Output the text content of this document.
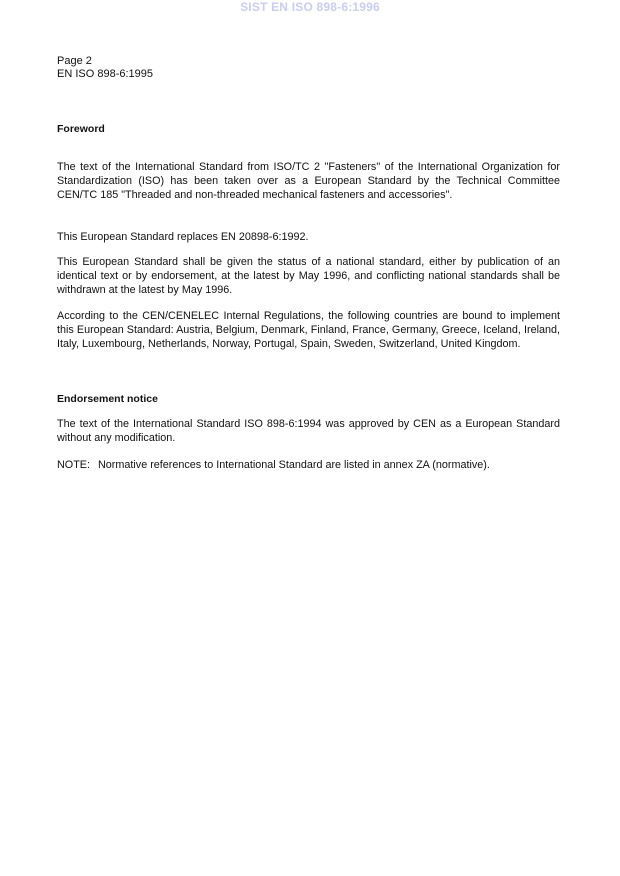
SIST EN ISO 898-6:1996
Page 2
EN ISO 898-6:1995
Foreword
The text of the International Standard from ISO/TC 2 "Fasteners" of the International Organization for Standardization (ISO) has been taken over as a European Standard by the Technical Committee CEN/TC 185 "Threaded and non-threaded mechanical fasteners and accessories".
This European Standard replaces EN 20898-6:1992.
This European Standard shall be given the status of a national standard, either by publication of an identical text or by endorsement, at the latest by May 1996, and conflicting national standards shall be withdrawn at the latest by May 1996.
According to the CEN/CENELEC Internal Regulations, the following countries are bound to implement this European Standard: Austria, Belgium, Denmark, Finland, France, Germany, Greece, Iceland, Ireland, Italy, Luxembourg, Netherlands, Norway, Portugal, Spain, Sweden, Switzerland, United Kingdom.
Endorsement notice
The text of the International Standard ISO 898-6:1994 was approved by CEN as a European Standard without any modification.
NOTE: Normative references to International Standard are listed in annex ZA (normative).
